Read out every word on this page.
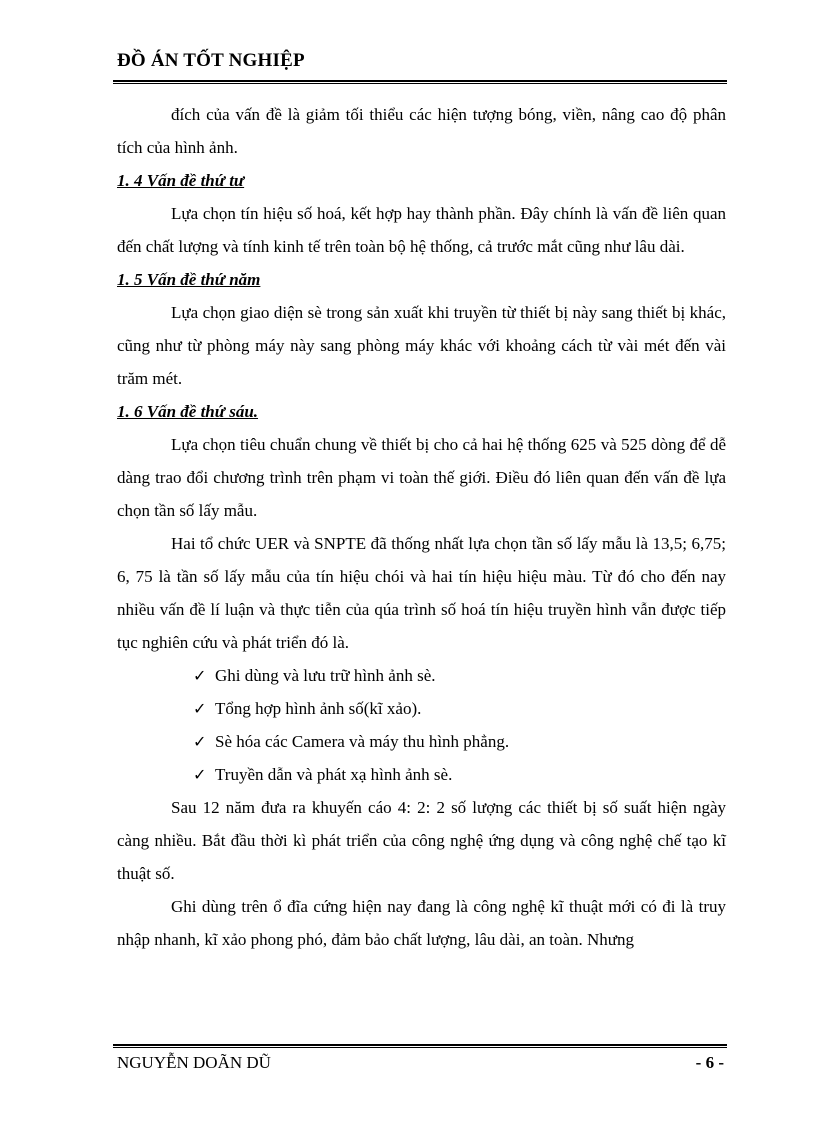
ĐỒ ÁN TỐT NGHIỆP

đích của vấn đề là giảm tối thiểu các hiện tượng bóng, viền, nâng cao độ phân tích của hình ảnh.

1. 4 Vấn đề thứ tư

Lựa chọn tín hiệu số hoá, kết hợp hay thành phần. Đây chính là vấn đề liên quan đến chất lượng và tính kinh tế trên toàn bộ hệ thống, cả trước mắt cũng như lâu dài.

1. 5 Vấn đề thứ năm

Lựa chọn giao diện sè trong sản xuất khi truyền từ thiết bị này sang thiết bị khác, cũng như từ phòng máy này sang phòng máy khác với khoảng cách từ vài mét đến vài trăm mét.

1. 6 Vấn đề thứ sáu.

Lựa chọn tiêu chuẩn chung về thiết bị cho cả hai hệ thống 625 và 525 dòng để dễ dàng trao đổi chương trình trên phạm vi toàn thế giới. Điều đó liên quan đến vấn đề lựa chọn tần số lấy mẫu.

Hai tổ chức UER và SNPTE đã thống nhất lựa chọn tần số lấy mẫu là 13,5; 6,75; 6, 75 là tần số lấy mẫu của tín hiệu chói và hai tín hiệu hiệu màu. Từ đó cho đến nay nhiều vấn đề lí luận và thực tiễn của qúa trình số hoá tín hiệu truyền hình vẫn được tiếp tục nghiên cứu và phát triển đó là.

✓ Ghi dùng và lưu trữ hình ảnh sè.
✓ Tổng hợp hình ảnh số(kĩ xảo).
✓ Sè hóa các Camera và máy thu hình phẳng.
✓ Truyền dẫn và phát xạ hình ảnh sè.

Sau 12 năm đưa ra khuyến cáo 4: 2: 2 số lượng các thiết bị số suất hiện ngày càng nhiều. Bắt đầu thời kì phát triển của công nghệ ứng dụng và công nghệ chế tạo kĩ thuật số.

Ghi dùng trên ổ đĩa cứng hiện nay đang là công nghệ kĩ thuật mới có đi là truy nhập nhanh, kĩ xảo phong phó, đảm bảo chất lượng, lâu dài, an toàn. Nhưng

NGUYỄN DOÃN DŨ	- 6 -
